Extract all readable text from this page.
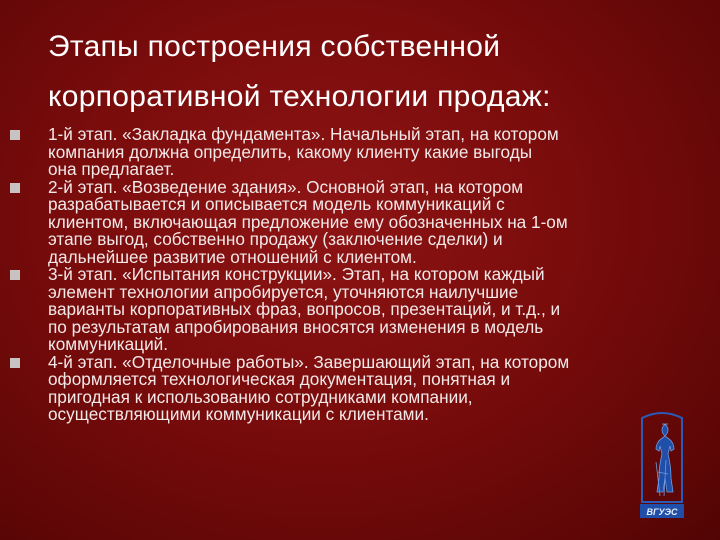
Этапы построения собственной
корпоративной технологии продаж:
1-й этап. «Закладка фундамента». Начальный этап, на котором
компания должна определить, какому клиенту какие выгоды
она предлагает.
2-й этап. «Возведение здания». Основной этап, на котором
разрабатывается и описывается модель коммуникаций с
клиентом, включающая предложение ему обозначенных на 1-ом
этапе выгод, собственно продажу (заключение сделки) и
дальнейшее развитие отношений с клиентом.
3-й этап. «Испытания конструкции». Этап, на котором каждый
элемент технологии апробируется, уточняются наилучшие
варианты корпоративных фраз, вопросов, презентаций, и т.д., и
по результатам апробирования вносятся изменения в модель
коммуникаций.
4-й этап. «Отделочные работы». Завершающий этап, на котором
оформляется технологическая документация, понятная и
пригодная к использованию сотрудниками компании,
осуществляющими коммуникации с клиентами.
ВГУЭС
